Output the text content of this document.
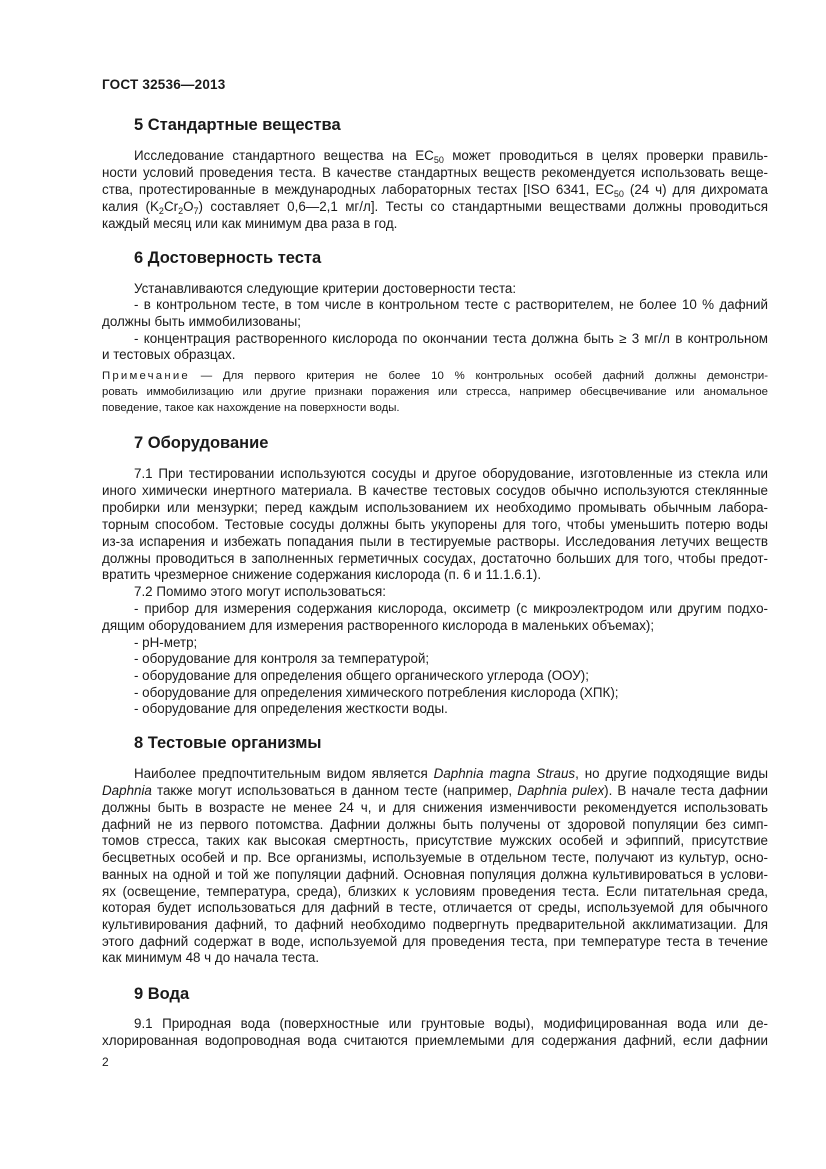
ГОСТ 32536—2013
5 Стандартные вещества
Исследование стандартного вещества на $EC_{50}$ может проводиться в целях проверки правиль-
ности условий проведения теста. В качестве стандартных веществ рекомендуется использовать веще-
ства, протестированные в международных лабораторных тестах [ISO 6341, $EC_{50}$ (24 ч) для дихромата
калия $(K_2Cr_2O_7)$ составляет 0,6—2,1 мг/л]. Тесты со стандартными веществами должны проводиться
каждый месяц или как минимум два раза в год.
6 Достоверность теста
Устанавливаются следующие критерии достоверности теста:
- в контрольном тесте, в том числе в контрольном тесте с растворителем, не более 10 % дафний
должны быть иммобилизованы;
- концентрация растворенного кислорода по окончании теста должна быть ≥ 3 мг/л в контрольном
и тестовых образцах.
Примечание — Для первого критерия не более 10 % контрольных особей дафний должны демонстри-
ровать иммобилизацию или другие признаки поражения или стресса, например обесцвечивание или аномальное
поведение, такое как нахождение на поверхности воды.
7 Оборудование
7.1 При тестировании используются сосуды и другое оборудование, изготовленные из стекла или
иного химически инертного материала. В качестве тестовых сосудов обычно используются стеклянные
пробирки или мензурки; перед каждым использованием их необходимо промывать обычным лабора-
торным способом. Тестовые сосуды должны быть укупорены для того, чтобы уменьшить потерю воды
из-за испарения и избежать попадания пыли в тестируемые растворы. Исследования летучих веществ
должны проводиться в заполненных герметичных сосудах, достаточно больших для того, чтобы предот-
вратить чрезмерное снижение содержания кислорода (п. 6 и 11.1.6.1).
7.2 Помимо этого могут использоваться:
- прибор для измерения содержания кислорода, оксиметр (с микроэлектродом или другим подхо-
дящим оборудованием для измерения растворенного кислорода в маленьких объемах);
- pH-метр;
- оборудование для контроля за температурой;
- оборудование для определения общего органического углерода (ООУ);
- оборудование для определения химического потребления кислорода (ХПК);
- оборудование для определения жесткости воды.
8 Тестовые организмы
Наиболее предпочтительным видом является Daphnia magna Straus, но другие подходящие виды
Daphnia также могут использоваться в данном тесте (например, Daphnia pulex). В начале теста дафнии
должны быть в возрасте не менее 24 ч, и для снижения изменчивости рекомендуется использовать
дафний не из первого потомства. Дафнии должны быть получены от здоровой популяции без симп-
томов стресса, таких как высокая смертность, присутствие мужских особей и эфиппий, присутствие
бесцветных особей и пр. Все организмы, используемые в отдельном тесте, получают из культур, осно-
ванных на одной и той же популяции дафний. Основная популяция должна культивироваться в услови-
ях (освещение, температура, среда), близких к условиям проведения теста. Если питательная среда,
которая будет использоваться для дафний в тесте, отличается от среды, используемой для обычного
культивирования дафний, то дафний необходимо подвергнуть предварительной акклиматизации. Для
этого дафний содержат в воде, используемой для проведения теста, при температуре теста в течение
как минимум 48 ч до начала теста.
9 Вода
9.1 Природная вода (поверхностные или грунтовые воды), модифицированная вода или де-
хлорированная водопроводная вода считаются приемлемыми для содержания дафний, если дафнии
2
